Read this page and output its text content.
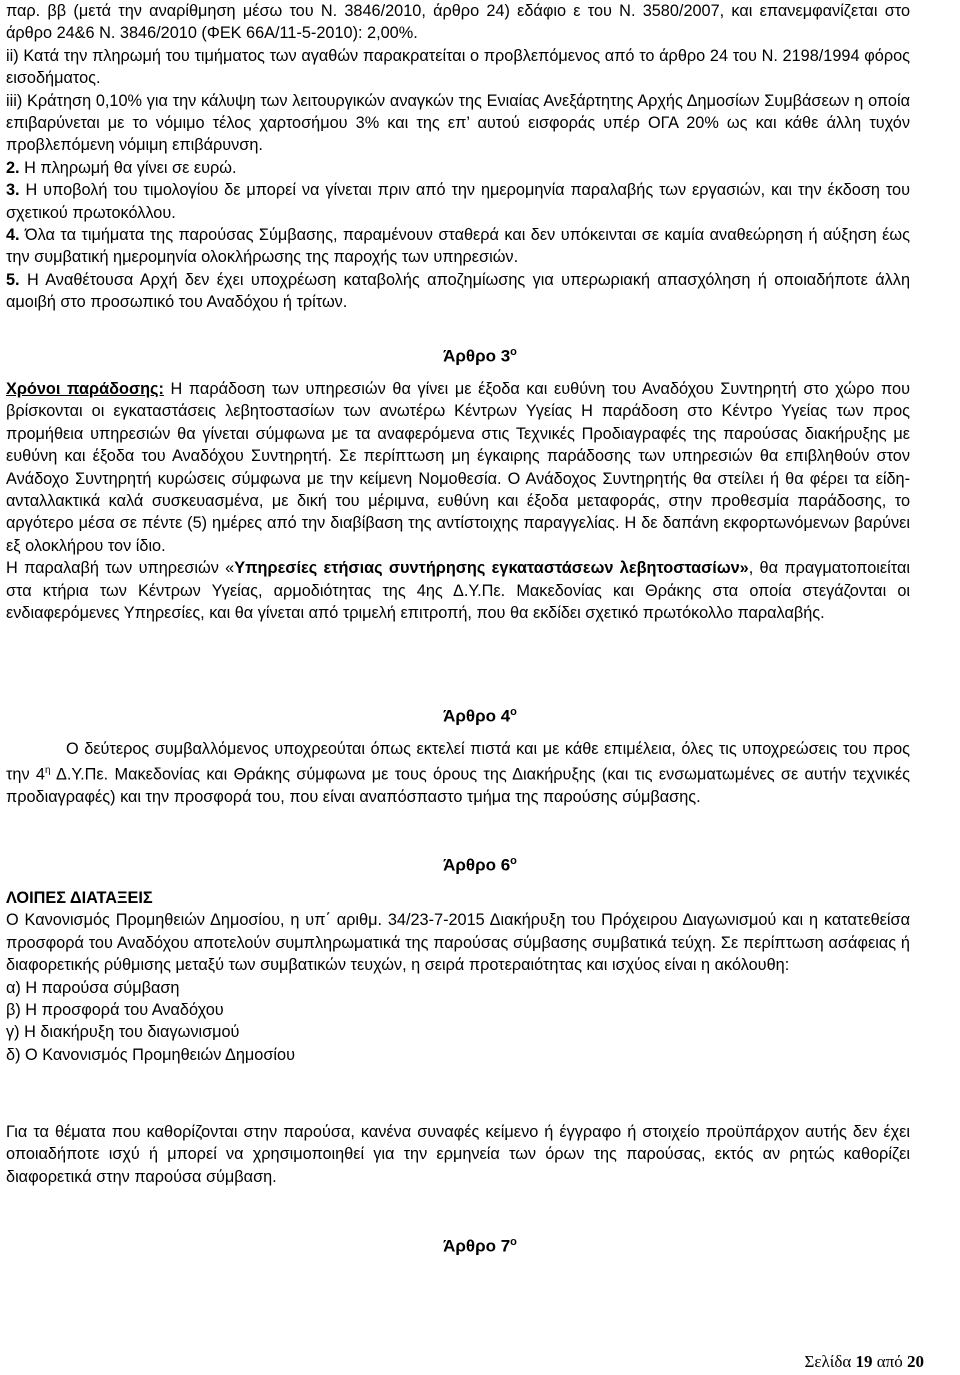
παρ. ββ (μετά την αναρίθμηση μέσω του Ν. 3846/2010, άρθρο 24) εδάφιο ε του Ν. 3580/2007, και επανεμφανίζεται στο άρθρο 24&6 Ν. 3846/2010 (ΦΕΚ 66Α/11-5-2010): 2,00%.
ii) Κατά την πληρωμή του τιμήματος των αγαθών παρακρατείται ο προβλεπόμενος από το άρθρο 24 του Ν. 2198/1994 φόρος εισοδήματος.
iii) Κράτηση 0,10% για την κάλυψη των λειτουργικών αναγκών της Ενιαίας Ανεξάρτητης Αρχής Δημοσίων Συμβάσεων η οποία επιβαρύνεται με το νόμιμο τέλος χαρτοσήμου 3% και της επ’ αυτού εισφοράς υπέρ ΟΓΑ 20% ως και κάθε άλλη τυχόν προβλεπόμενη νόμιμη επιβάρυνση.
2. Η πληρωμή θα γίνει σε ευρώ.
3. Η υποβολή του τιμολογίου δε μπορεί να γίνεται πριν από την ημερομηνία παραλαβής των εργασιών, και την έκδοση του σχετικού πρωτοκόλλου.
4. Όλα τα τιμήματα της παρούσας Σύμβασης, παραμένουν σταθερά και δεν υπόκεινται σε καμία αναθεώρηση ή αύξηση έως την συμβατική ημερομηνία ολοκλήρωσης της παροχής των υπηρεσιών.
5. Η Αναθέτουσα Αρχή δεν έχει υποχρέωση καταβολής αποζημίωσης για υπερωριακή απασχόληση ή οποιαδήποτε άλλη αμοιβή στο προσωπικό του Αναδόχου ή τρίτων.

Άρθρο $3^o$

Χρόνοι παράδοσης: Η παράδοση των υπηρεσιών θα γίνει με έξοδα και ευθύνη του Αναδόχου Συντηρητή στο χώρο που βρίσκονται οι εγκαταστάσεις λεβητοστασίων των ανωτέρω Κέντρων Υγείας Η παράδοση στο Κέντρο Υγείας των προς προμήθεια υπηρεσιών θα γίνεται σύμφωνα με τα αναφερόμενα στις Τεχνικές Προδιαγραφές της παρούσας διακήρυξης με ευθύνη και έξοδα του Αναδόχου Συντηρητή. Σε περίπτωση μη έγκαιρης παράδοσης των υπηρεσιών θα επιβληθούν στον Ανάδοχο Συντηρητή κυρώσεις σύμφωνα με την κείμενη Νομοθεσία. Ο Ανάδοχος Συντηρητής θα στείλει ή θα φέρει τα είδη- ανταλλακτικά καλά συσκευασμένα, με δική του μέριμνα, ευθύνη και έξοδα μεταφοράς, στην προθεσμία παράδοσης, το αργότερο μέσα σε πέντε (5) ημέρες από την διαβίβαση της αντίστοιχης παραγγελίας. Η δε δαπάνη εκφορτωνόμενων βαρύνει εξ ολοκλήρου τον ίδιο.
Η παραλαβή των υπηρεσιών «Υπηρεσίες ετήσιας συντήρησης εγκαταστάσεων λεβητοστασίων», θα πραγματοποιείται στα κτήρια των Κέντρων Υγείας, αρμοδιότητας της 4ης Δ.Υ.Πε. Μακεδονίας και Θράκης στα οποία στεγάζονται οι ενδιαφερόμενες Υπηρεσίες, και θα γίνεται από τριμελή επιτροπή, που θα εκδίδει σχετικό πρωτόκολλο παραλαβής.

Άρθρο $4^o$

Ο δεύτερος συμβαλλόμενος υποχρεούται όπως εκτελεί πιστά και με κάθε επιμέλεια, όλες τις υποχρεώσεις του προς την $4^\eta$ Δ.Υ.Πε. Μακεδονίας και Θράκης σύμφωνα με τους όρους της Διακήρυξης (και τις ενσωματωμένες σε αυτήν τεχνικές προδιαγραφές) και την προσφορά του, που είναι αναπόσπαστο τμήμα της παρούσης σύμβασης.

Άρθρο $6^o$

ΛΟΙΠΕΣ ΔΙΑΤΑΞΕΙΣ
Ο Κανονισμός Προμηθειών Δημοσίου, η υπ΄ αριθμ. 34/23-7-2015 Διακήρυξη του Πρόχειρου Διαγωνισμού και η κατατεθείσα προσφορά του Αναδόχου αποτελούν συμπληρωματικά της παρούσας σύμβασης συμβατικά τεύχη. Σε περίπτωση ασάφειας ή διαφορετικής ρύθμισης μεταξύ των συμβατικών τευχών, η σειρά προτεραιότητας και ισχύος είναι η ακόλουθη:
α) Η παρούσα σύμβαση
β) Η προσφορά του Αναδόχου
γ) Η διακήρυξη του διαγωνισμού
δ) Ο Κανονισμός Προμηθειών Δημοσίου

Για τα θέματα που καθορίζονται στην παρούσα, κανένα συναφές κείμενο ή έγγραφο ή στοιχείο προϋπάρχον αυτής δεν έχει οποιαδήποτε ισχύ ή μπορεί να χρησιμοποιηθεί για την ερμηνεία των όρων της παρούσας, εκτός αν ρητώς καθορίζει διαφορετικά στην παρούσα σύμβαση.

Άρθρο $7^o$

Σελίδα 19 από 20
